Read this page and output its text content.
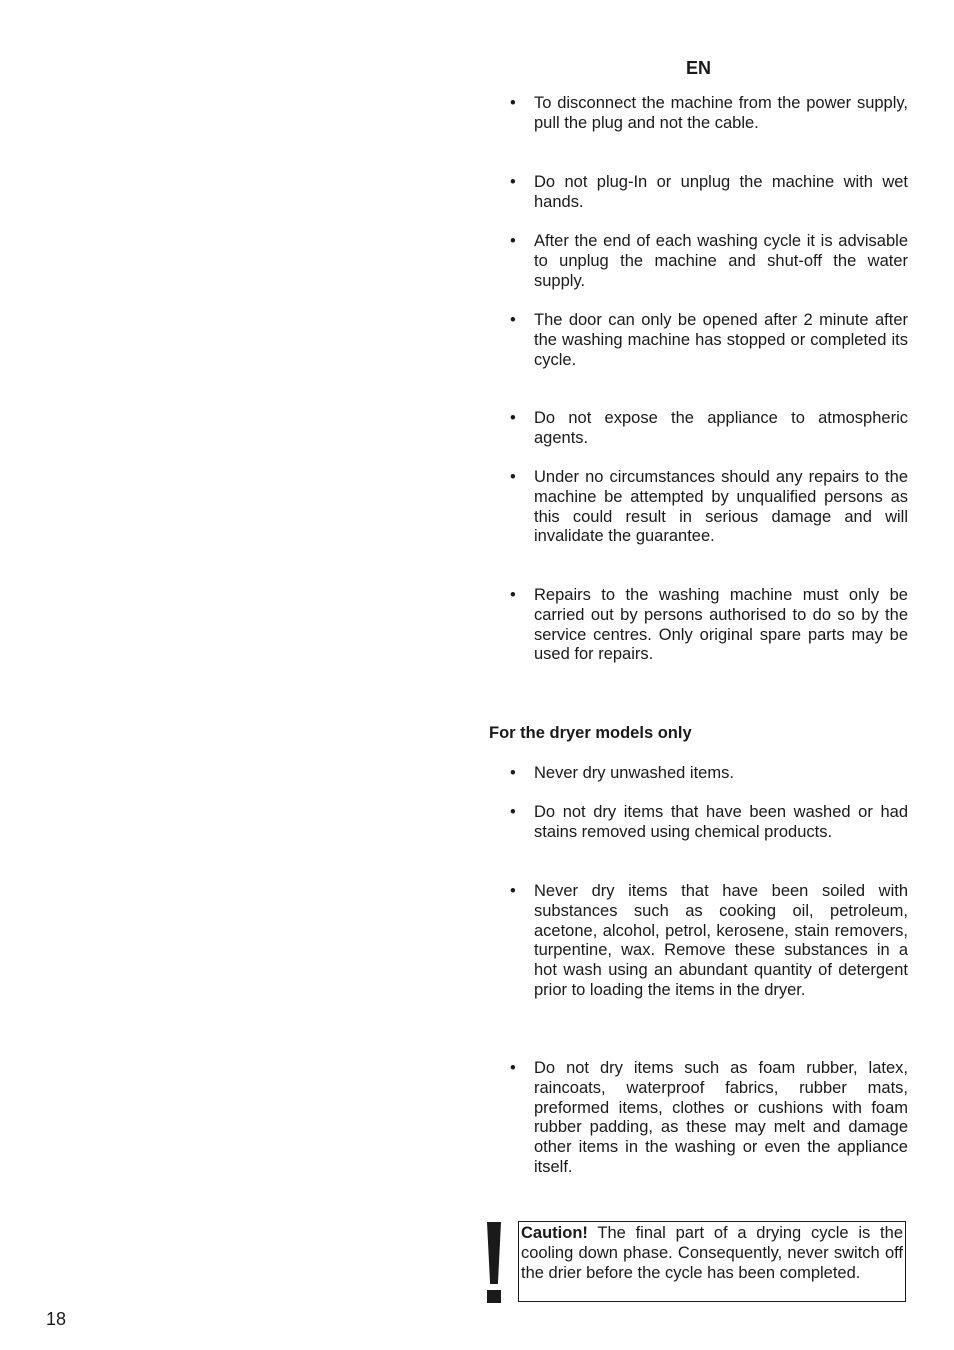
EN
• To disconnect the machine from the power supply, pull the plug and not the cable.
• Do not plug-In or unplug the machine with wet hands.
• After the end of each washing cycle it is advisable to unplug the machine and shut-off the water supply.
• The door can only be opened after 2 minute after the washing machine has stopped or completed its cycle.
• Do not expose the appliance to atmospheric agents.
• Under no circumstances should any repairs to the machine be attempted by unqualified persons as this could result in serious damage and will invalidate the guarantee.
• Repairs to the washing machine must only be carried out by persons authorised to do so by the service centres. Only original spare parts may be used for repairs.
For the dryer models only
• Never dry unwashed items.
• Do not dry items that have been washed or had stains removed using chemical products.
• Never dry items that have been soiled with substances such as cooking oil, petroleum, acetone, alcohol, petrol, kerosene, stain removers, turpentine, wax. Remove these substances in a hot wash using an abundant quantity of detergent prior to loading the items in the dryer.
• Do not dry items such as foam rubber, latex, raincoats, waterproof fabrics, rubber mats, preformed items, clothes or cushions with foam rubber padding, as these may melt and damage other items in the washing or even the appliance itself.
Caution! The final part of a drying cycle is the cooling down phase. Consequently, never switch off the drier before the cycle has been completed.
18
